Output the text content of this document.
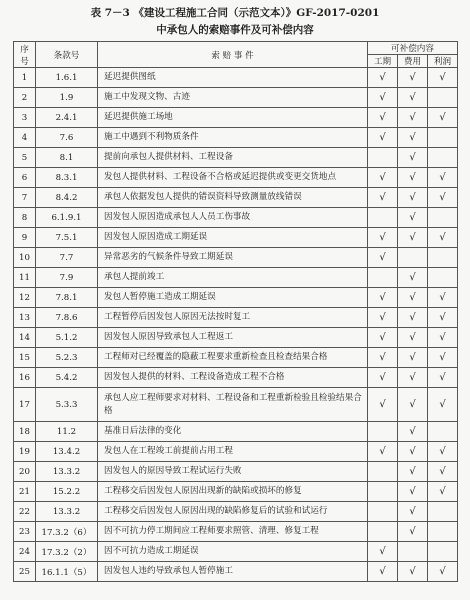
表 7－3 《建设工程施工合同（示范文本）》GF-2017-0201
中承包人的索赔事件及可补偿内容
序号	条款号	索 赔 事 件	可补偿内容		
			工期	费用	利润
1	1.6.1	延迟提供图纸	√	√	√
2	1.9	施工中发现文物、古迹	√	√	
3	2.4.1	延迟提供施工场地	√	√	√
4	7.6	施工中遇到不利物质条件	√	√	
5	8.1	提前向承包人提供材料、工程设备		√	
6	8.3.1	发包人提供材料、工程设备不合格或延迟提供或变更交货地点	√	√	√
7	8.4.2	承包人依据发包人提供的错误资料导致测量放线错误	√	√	√
8	6.1.9.1	因发包人原因造成承包人人员工伤事故		√	
9	7.5.1	因发包人原因造成工期延误	√	√	√
10	7.7	异常恶劣的气候条件导致工期延误	√		
11	7.9	承包人提前竣工		√	
12	7.8.1	发包人暂停施工造成工期延误	√	√	√
13	7.8.6	工程暂停后因发包人原因无法按时复工	√	√	√
14	5.1.2	因发包人原因导致承包人工程返工	√	√	√
15	5.2.3	工程师对已经覆盖的隐蔽工程要求重新检查且检查结果合格	√	√	√
16	5.4.2	因发包人提供的材料、工程设备造成工程不合格	√	√	√
17	5.3.3	承包人应工程师要求对材料、工程设备和工程重新检验且检验结果合格	√	√	√
18	11.2	基准日后法律的变化		√	
19	13.4.2	发包人在工程竣工前提前占用工程	√	√	√
20	13.3.2	因发包人的原因导致工程试运行失败		√	√
21	15.2.2	工程移交后因发包人原因出现新的缺陷或损坏的修复		√	√
22	13.3.2	工程移交后因发包人原因出现的缺陷修复后的试验和试运行		√	
23	17.3.2（6）	因不可抗力停工期间应工程师要求照管、清理、修复工程		√	
24	17.3.2（2）	因不可抗力造成工期延误	√		
25	16.1.1（5）	因发包人违约导致承包人暂停施工	√	√	√
